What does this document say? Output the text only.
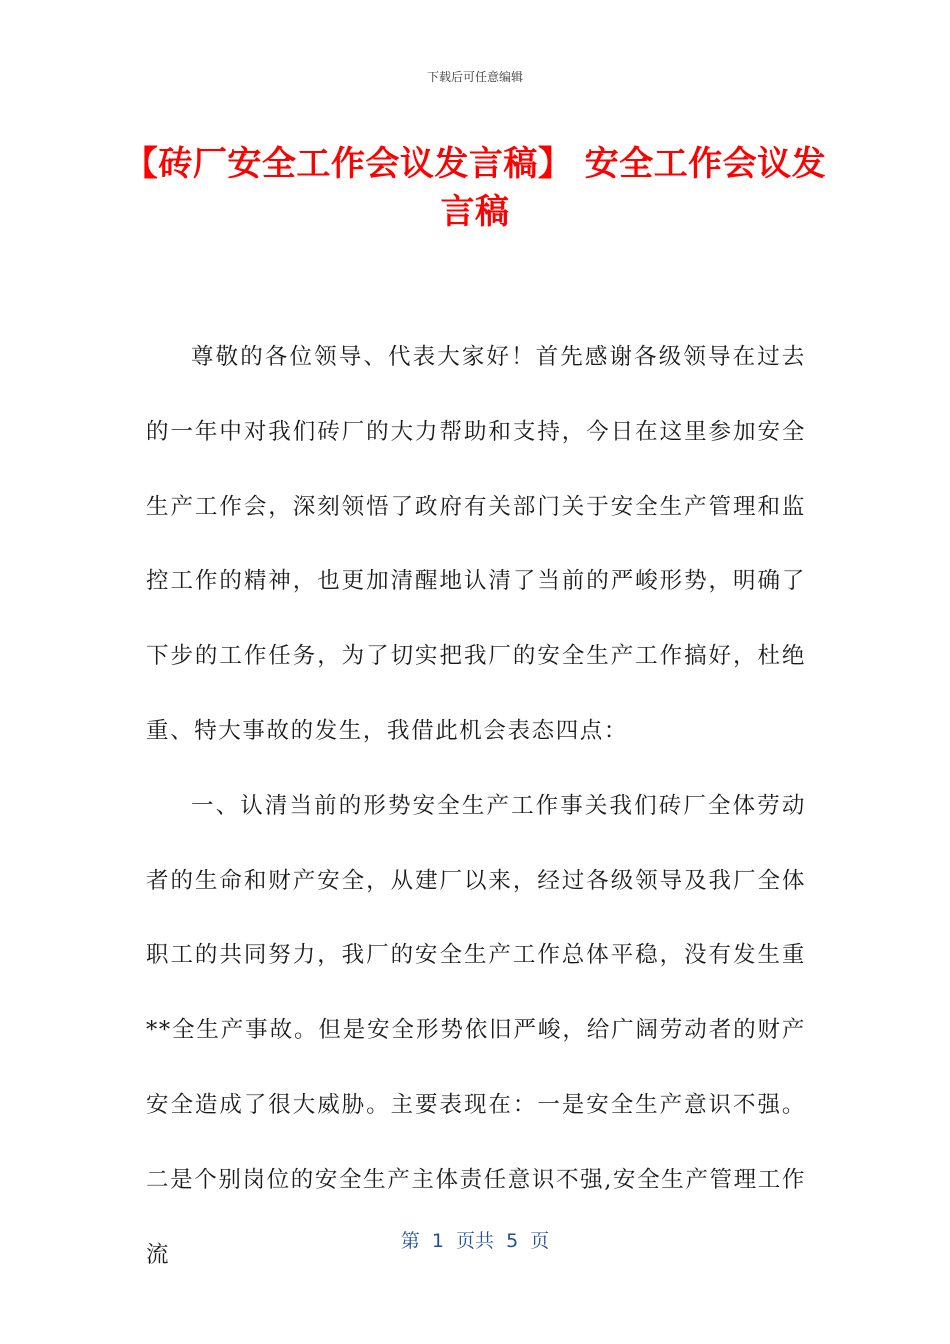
下载后可任意编辑
【砖厂安全工作会议发言稿】 安全工作会议发言稿

尊敬的各位领导、代表大家好！首先感谢各级领导在过去的一年中对我们砖厂的大力帮助和支持，今日在这里参加安全生产工作会，深刻领悟了政府有关部门关于安全生产管理和监控工作的精神，也更加清醒地认清了当前的严峻形势，明确了下步的工作任务，为了切实把我厂的安全生产工作搞好，杜绝重、特大事故的发生，我借此机会表态四点：

一、认清当前的形势安全生产工作事关我们砖厂全体劳动者的生命和财产安全，从建厂以来，经过各级领导及我厂全体职工的共同努力，我厂的安全生产工作总体平稳，没有发生重**全生产事故。但是安全形势依旧严峻，给广阔劳动者的财产安全造成了很大威胁。主要表现在：一是安全生产意识不强。二是个别岗位的安全生产主体责任意识不强,安全生产管理工作流

第  1  页共  5  页
